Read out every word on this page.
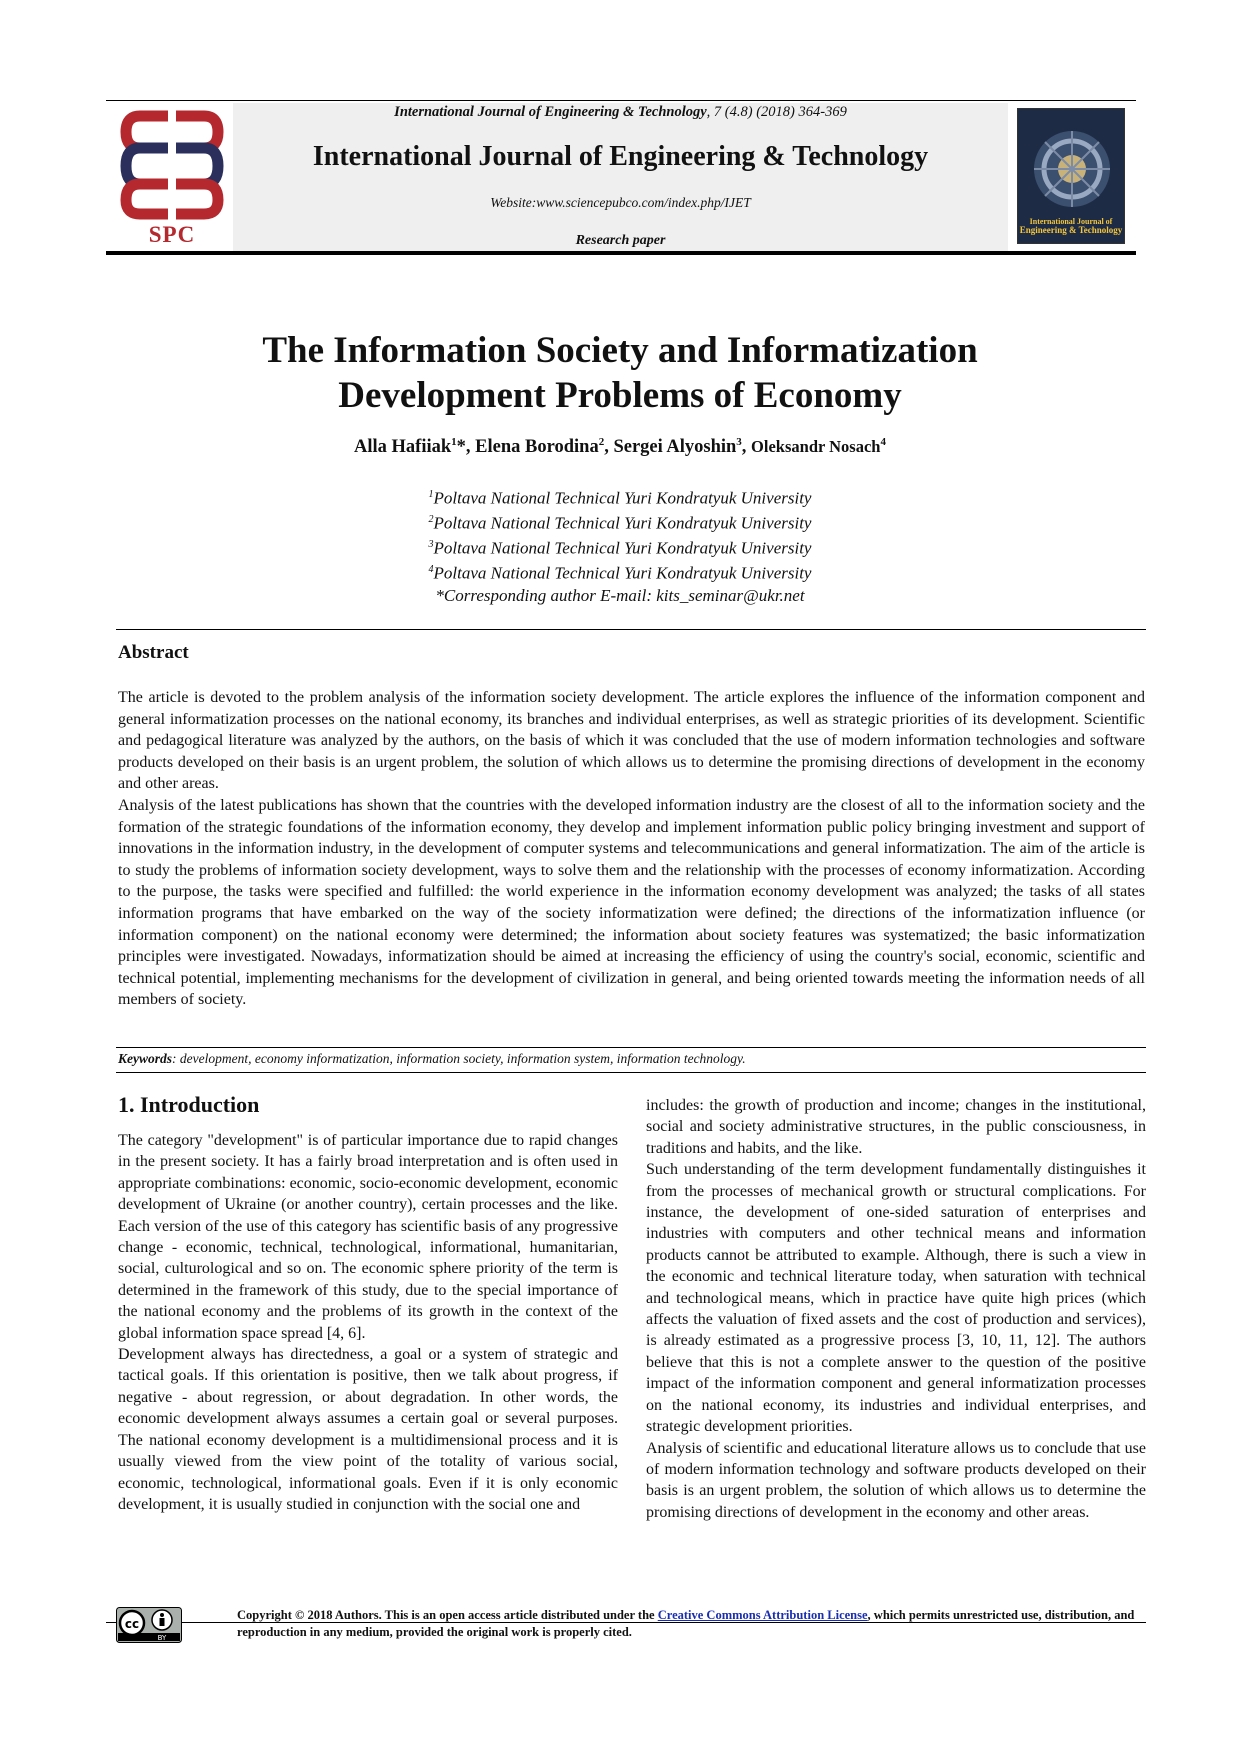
SPC
International Journal of Engineering & Technology, 7 (4.8) (2018) 364-369
International Journal of Engineering & Technology
Website:www.sciencepubco.com/index.php/IJET
Research paper
International Journal of
Engineering & Technology
The Information Society and Informatization
Development Problems of Economy
Alla Hafiiak$^1$*, Elena Borodina$^2$, Sergei Alyoshin$^3$, Oleksandr Nosach$^4$
$^1$Poltava National Technical Yuri Kondratyuk University
$^2$Poltava National Technical Yuri Kondratyuk University
$^3$Poltava National Technical Yuri Kondratyuk University
$^4$Poltava National Technical Yuri Kondratyuk University
*Corresponding author E-mail: kits_seminar@ukr.net
Abstract

The article is devoted to the problem analysis of the information society development. The article explores the influence of the information component and general informatization processes on the national economy, its branches and individual enterprises, as well as strategic priorities of its development. Scientific and pedagogical literature was analyzed by the authors, on the basis of which it was concluded that the use of modern information technologies and software products developed on their basis is an urgent problem, the solution of which allows us to determine the promising directions of development in the economy and other areas.

Analysis of the latest publications has shown that the countries with the developed information industry are the closest of all to the information society and the formation of the strategic foundations of the information economy, they develop and implement information public policy bringing investment and support of innovations in the information industry, in the development of computer systems and telecommunications and general informatization. The aim of the article is to study the problems of information society development, ways to solve them and the relationship with the processes of economy informatization. According to the purpose, the tasks were specified and fulfilled: the world experience in the information economy development was analyzed; the tasks of all states information programs that have embarked on the way of the society informatization were defined; the directions of the informatization influence (or information component) on the national economy were determined; the information about society features was systematized; the basic informatization principles were investigated. Nowadays, informatization should be aimed at increasing the efficiency of using the country's social, economic, scientific and technical potential, implementing mechanisms for the development of civilization in general, and being oriented towards meeting the information needs of all members of society.

Keywords: development, economy informatization, information society, information system, information technology.
1. Introduction

The category "development" is of particular importance due to rapid changes in the present society. It has a fairly broad interpretation and is often used in appropriate combinations: economic, socio-economic development, economic development of Ukraine (or another country), certain processes and the like. Each version of the use of this category has scientific basis of any progressive change - economic, technical, technological, informational, humanitarian, social, culturological and so on. The economic sphere priority of the term is determined in the framework of this study, due to the special importance of the national economy and the problems of its growth in the context of the global information space spread [4, 6].

Development always has directedness, a goal or a system of strategic and tactical goals. If this orientation is positive, then we talk about progress, if negative - about regression, or about degradation. In other words, the economic development always assumes a certain goal or several purposes. The national economy development is a multidimensional process and it is usually viewed from the view point of the totality of various social, economic, technological, informational goals. Even if it is only economic development, it is usually studied in conjunction with the social one and

includes: the growth of production and income; changes in the institutional, social and society administrative structures, in the public consciousness, in traditions and habits, and the like.

Such understanding of the term development fundamentally distinguishes it from the processes of mechanical growth or structural complications. For instance, the development of one-sided saturation of enterprises and industries with computers and other technical means and information products cannot be attributed to example. Although, there is such a view in the economic and technical literature today, when saturation with technical and technological means, which in practice have quite high prices (which affects the valuation of fixed assets and the cost of production and services), is already estimated as a progressive process [3, 10, 11, 12]. The authors believe that this is not a complete answer to the question of the positive impact of the information component and general informatization processes on the national economy, its industries and individual enterprises, and strategic development priorities.

Analysis of scientific and educational literature allows us to conclude that use of modern information technology and software products developed on their basis is an urgent problem, the solution of which allows us to determine the promising directions of development in the economy and other areas.

cc
BY
Copyright © 2018 Authors. This is an open access article distributed under the Creative Commons Attribution License, which permits unrestricted use, distribution, and reproduction in any medium, provided the original work is properly cited.
